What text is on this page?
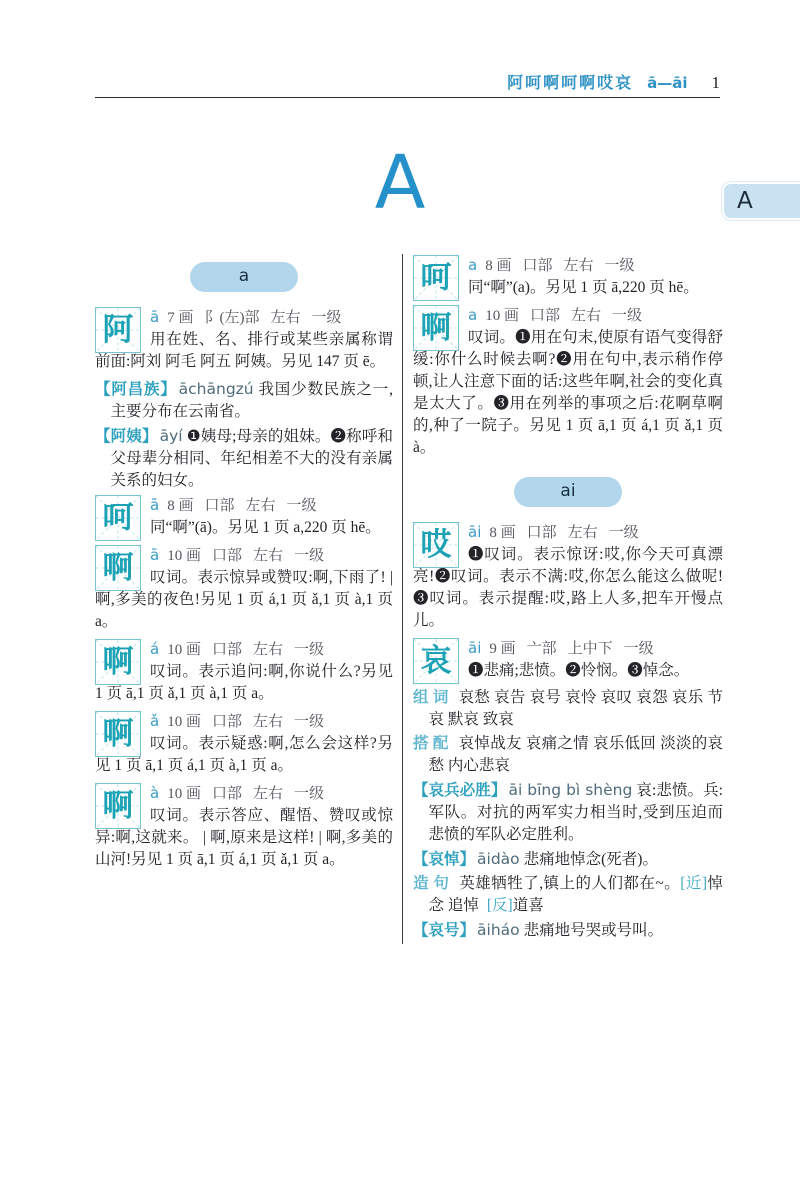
阿呵啊呵啊哎哀 ā—āi 1
A
A
a
阿	ā 7 画 阝(左)部 左右 一级
用在姓、名、排行或某些亲属称谓前面:阿刘 阿毛 阿五 阿姨。另见 147 页 ē。
【阿昌族】 āchāngzú 我国少数民族之一,主要分布在云南省。
【阿姨】 āyí ❶姨母;母亲的姐妹。❷称呼和父母辈分相同、年纪相差不大的没有亲属关系的妇女。
呵	ā 8 画 口部 左右 一级
同“啊”(ā)。另见 1 页 a,220 页 hē。
啊	ā 10 画 口部 左右 一级
叹词。表示惊异或赞叹:啊,下雨了! | 啊,多美的夜色!另见 1 页 á,1 页 ǎ,1 页 à,1 页 a。
啊	á 10 画 口部 左右 一级
叹词。表示追问:啊,你说什么?另见 1 页 ā,1 页 ǎ,1 页 à,1 页 a。
啊	ǎ 10 画 口部 左右 一级
叹词。表示疑惑:啊,怎么会这样?另见 1 页 ā,1 页 á,1 页 à,1 页 a。
啊	à 10 画 口部 左右 一级
叹词。表示答应、醒悟、赞叹或惊异:啊,这就来。 | 啊,原来是这样! | 啊,多美的山河!另见 1 页 ā,1 页 á,1 页 ǎ,1 页 a。
呵	a 8 画 口部 左右 一级
同“啊”(a)。另见 1 页 ā,220 页 hē。
啊	a 10 画 口部 左右 一级
叹词。❶用在句末,使原有语气变得舒缓:你什么时候去啊?❷用在句中,表示稍作停顿,让人注意下面的话:这些年啊,社会的变化真是太大了。❸用在列举的事项之后:花啊草啊的,种了一院子。另见 1 页 ā,1 页 á,1 页 ǎ,1 页 à。
ai
哎	āi 8 画 口部 左右 一级
❶叹词。表示惊讶:哎,你今天可真漂亮!❷叹词。表示不满:哎,你怎么能这么做呢!❸叹词。表示提醒:哎,路上人多,把车开慢点儿。
哀	āi 9 画 亠部 上中下 一级
❶悲痛;悲愤。❷怜悯。❸悼念。
组 词 哀愁 哀告 哀号 哀怜 哀叹 哀怨 哀乐 节哀 默哀 致哀
搭 配 哀悼战友 哀痛之情 哀乐低回 淡淡的哀愁 内心悲哀
【哀兵必胜】 āi bīng bì shèng 哀:悲愤。兵:军队。对抗的两军实力相当时,受到压迫而悲愤的军队必定胜利。
【哀悼】 āidào 悲痛地悼念(死者)。
造 句 英雄牺牲了,镇上的人们都在~。[近]悼念 追悼 [反]道喜
【哀号】 āiháo 悲痛地号哭或号叫。
